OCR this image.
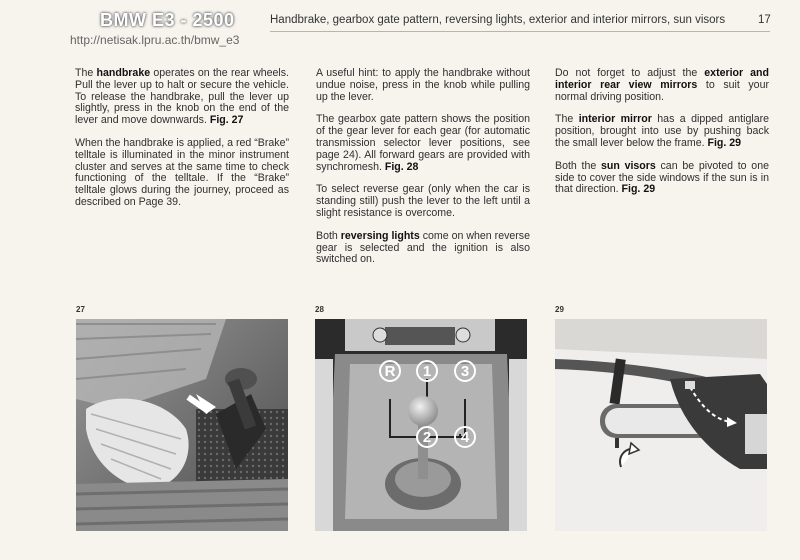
BMW E3 - 2500
http://netisak.lpru.ac.th/bmw_e3
Handbrake, gearbox gate pattern, reversing lights, exterior and interior mirrors, sun visors	17

The handbrake operates on the rear wheels. Pull the lever up to halt or secure the vehicle. To release the handbrake, pull the lever up slightly, press in the knob on the end of the lever and move downwards. Fig. 27

When the handbrake is applied, a red “Brake” telltale is illuminated in the minor instrument cluster and serves at the same time to check functioning of the telltale. If the “Brake” telltale glows during the journey, proceed as described on Page 39.

A useful hint: to apply the handbrake without undue noise, press in the knob while pulling up the lever.

The gearbox gate pattern shows the position of the gear lever for each gear (for automatic transmission selector lever positions, see page 24). All forward gears are provided with synchromesh. Fig. 28

To select reverse gear (only when the car is standing still) push the lever to the left until a slight resistance is overcome.

Both reversing lights come on when reverse gear is selected and the ignition is also switched on.

Do not forget to adjust the exterior and interior rear view mirrors to suit your normal driving position.

The interior mirror has a dipped antiglare position, brought into use by pushing back the small lever below the frame. Fig. 29

Both the sun visors can be pivoted to one side to cover the side windows if the sun is in that direction. Fig. 29

27	28
R 1
2
3
4
29
